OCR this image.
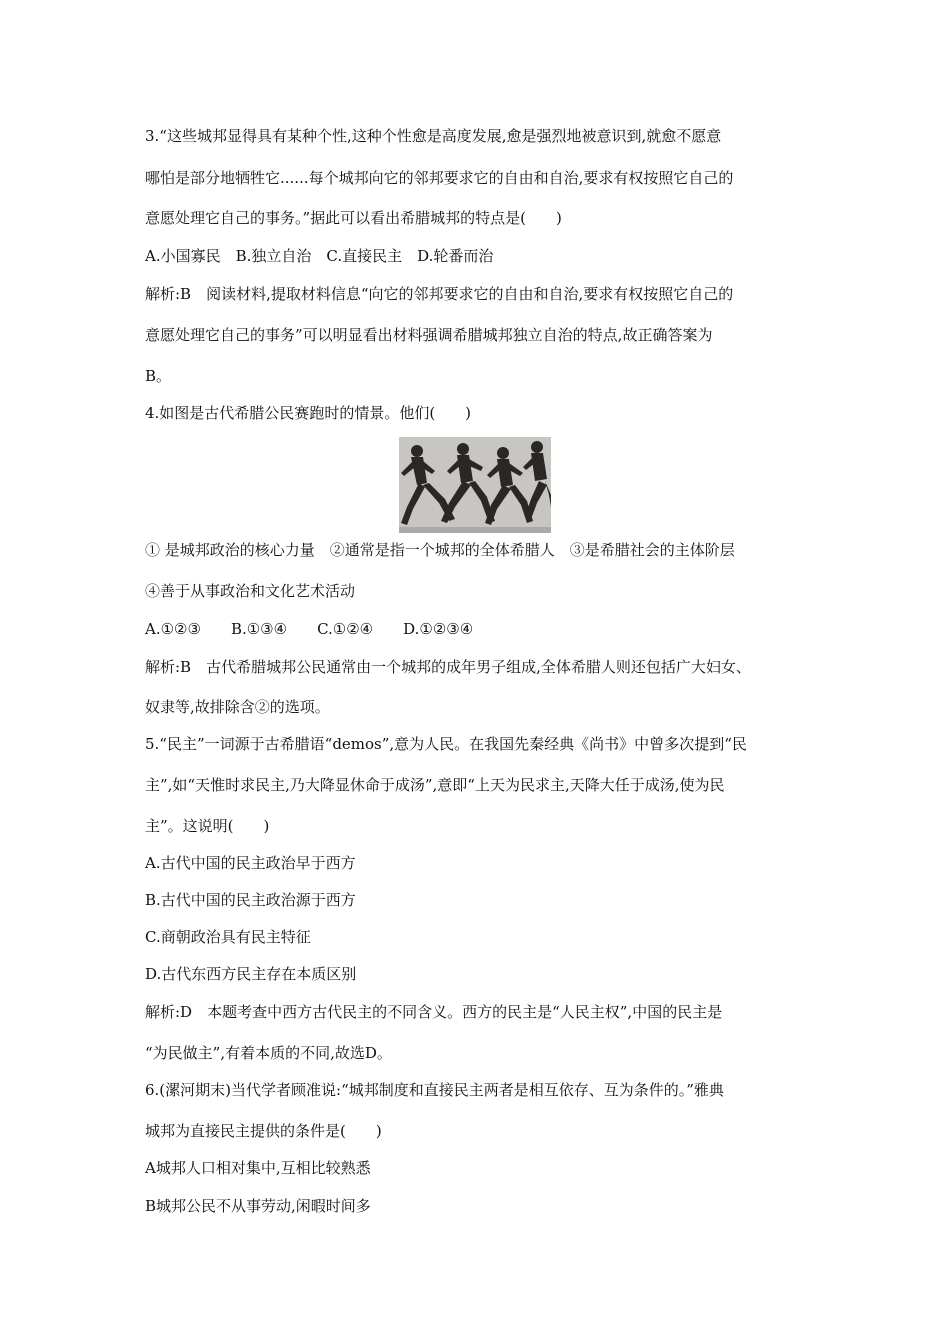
3.“这些城邦显得具有某种个性,这种个性愈是高度发展,愈是强烈地被意识到,就愈不愿意
哪怕是部分地牺牲它......每个城邦向它的邻邦要求它的自由和自治,要求有权按照它自己的
意愿处理它自己的事务。”据此可以看出希腊城邦的特点是(　　)
A.小国寡民　B.独立自治　C.直接民主　D.轮番而治
解析:B　阅读材料,提取材料信息“向它的邻邦要求它的自由和自治,要求有权按照它自己的
意愿处理它自己的事务”可以明显看出材料强调希腊城邦独立自治的特点,故正确答案为
B。
4.如图是古代希腊公民赛跑时的情景。他们(　　)
① 是城邦政治的核心力量　②通常是指一个城邦的全体希腊人　③是希腊社会的主体阶层
④善于从事政治和文化艺术活动
A.①②③　　B.①③④　　C.①②④　　D.①②③④
解析:B　古代希腊城邦公民通常由一个城邦的成年男子组成,全体希腊人则还包括广大妇女、
奴隶等,故排除含②的选项。
5.“民主”一词源于古希腊语“demos”,意为人民。在我国先秦经典《尚书》中曾多次提到“民
主”,如“天惟时求民主,乃大降显休命于成汤”,意即“上天为民求主,天降大任于成汤,使为民
主”。这说明(　　)
A.古代中国的民主政治早于西方
B.古代中国的民主政治源于西方
C.商朝政治具有民主特征
D.古代东西方民主存在本质区别
解析:D　本题考查中西方古代民主的不同含义。西方的民主是“人民主权”,中国的民主是
“为民做主”,有着本质的不同,故选D。
6.(漯河期末)当代学者顾准说:“城邦制度和直接民主两者是相互依存、互为条件的。”雅典
城邦为直接民主提供的条件是(　　)
A城邦人口相对集中,互相比较熟悉
B城邦公民不从事劳动,闲暇时间多
